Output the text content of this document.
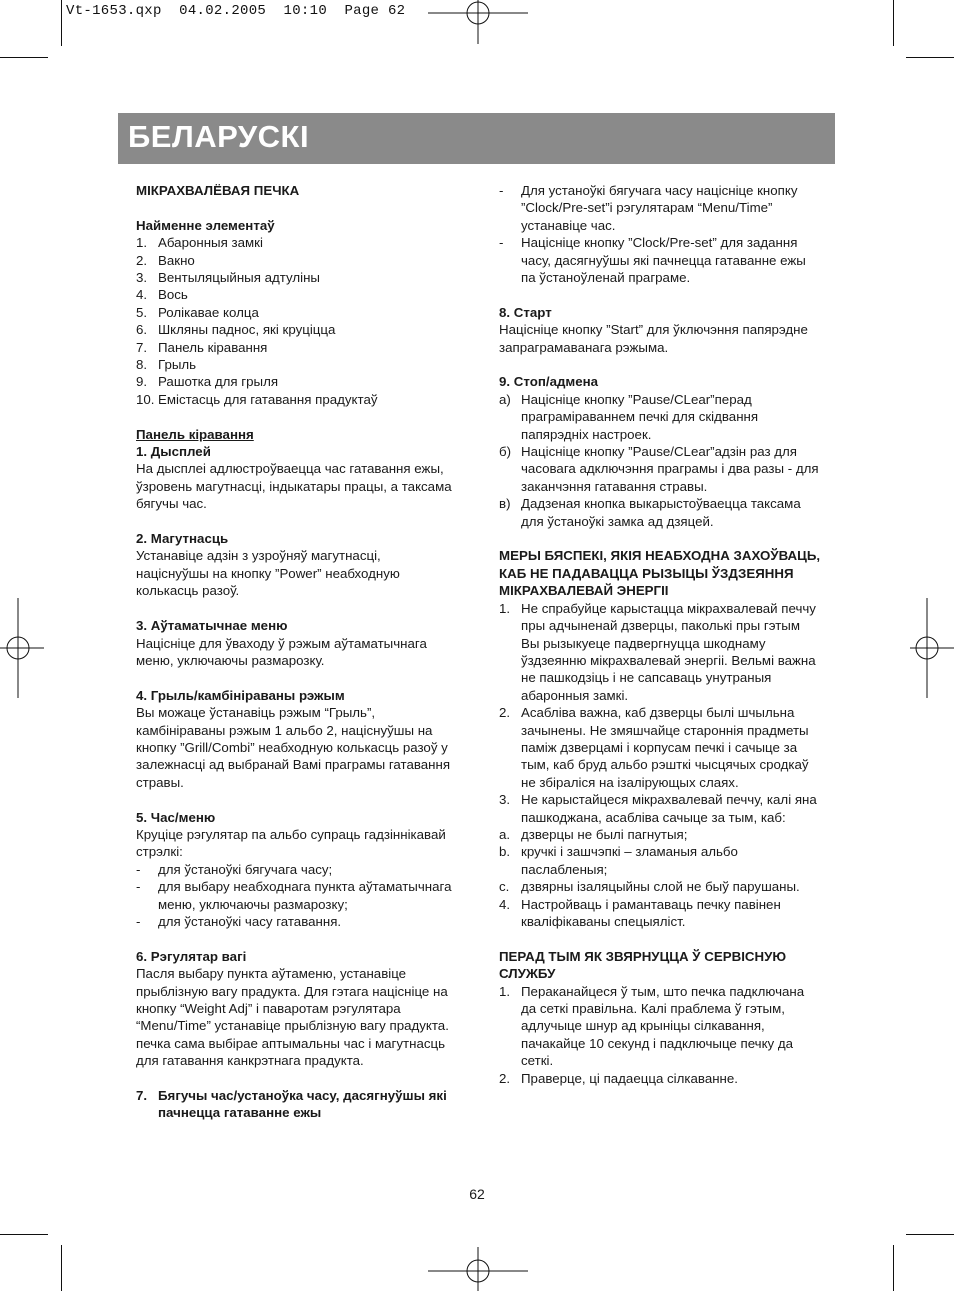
Vt-1653.qxp  04.02.2005  10:10  Page 62
БЕЛАРУСКІ
МІКРАХВАЛЁВАЯ ПЕЧКА
Найменне элементаў
1. Абаронныя замкі
2. Вакно
3. Вентыляцыйныя адтуліны
4. Вось
5. Ролікавае колца
6. Шкляны паднос, які круціцца
7. Панель кіравання
8. Грыль
9. Рашотка для грыля
10. Емістасць для гатавання прадуктаў
Панель кіравання
1. Дысплей
На дысплеі адлюстроўваецца час гатавання ежы, ўзровень магутнасці, індыкатары працы, а таксама бягучы час.
2. Магутнасць
Устанавіце адзін з узроўняў магутнасці, націснуўшы на кнопку ”Power” неабходную колькасць разоў.
3. Аўтаматычнае меню
Націсніце для ўваходу ў рэжым аўтаматычнага меню, уключаючы размарозку.
4. Грыль/камбінiраваны рэжым
Вы можаце ўстанавіць рэжым “Грыль”, камбінiраваны рэжым 1 альбо 2, націснуўшы на кнопку ”Grill/Combi” неабходную колькасць разоў у залежнасці ад выбранай Вамі праграмы гатавання стравы.
5. Час/меню
Круціце рэгулятар па альбо супраць гадзіннікавай стрэлкі:
-	для ўстаноўкі бягучага часу;
-	для выбару неабходнага пункта аўтаматычнага меню, уключаючы размарозку;
-	для ўстаноўкі часу гатавання.
6. Рэгулятар вагі
Пасля выбару пункта аўтаменю, устанавіце прыблізную вагу прадукта. Для гэтага націсніце на кнопку “Weight Adj” і паваротам рэгулятара “Menu/Time” устанавіце прыблізную вагу прадукта. печка сама выбірае аптымальны час і магутнасць для гатавання канкрэтнага прадукта.
7. Бягучы час/устаноўка часу, дасягнуўшы які пачнецца гатаванне ежы
-	Для устаноўкі бягучага часу націсніце кнопку ”Clock/Pre-set”і рэгулятарам “Menu/Time” устанавіце час.
-	Націсніце кнопку ”Clock/Pre-set” для задання часу, дасягнуўшы які пачнецца гатаванне ежы па ўстаноўленай праграме.
8. Старт
Націсніце кнопку ”Start” для ўключэння папярэдне запраграмаванага рэжыма.
9. Стоп/адмена
а) Націсніце кнопку ”Pause/CLear”перад праграміраваннем печкі для скідвання папярэдніх настроек.
б) Націсніце кнопку ”Pause/CLear”адзін раз для часовага адключэння праграмы і два разы - для заканчэння гатавання стравы.
в) Дадзеная кнопка выкарыстоўваецца таксама для ўстаноўкі замка ад дзяцей.
МЕРЫ БЯСПЕКІ, ЯКІЯ НЕАБХОДНА ЗАХОЎВАЦЬ, КАБ НЕ ПАДАВАЦЦА РЫЗЫЦЫ ЎЗДЗЕЯННЯ МІКРАХВАЛЕВАЙ ЭНЕРГІІ
1. Не спрабуйце карыстацца мікрахвалевай печчу пры адчыненай дзверцы, паколькі пры гэтым Вы рызыкуеце падвергнуцца шкоднаму ўздзеянню мікрахвалевай энергіі. Вельмі важна не пашкодзіць і не сапсаваць унутраныя абаронныя замкі.
2. Асабліва важна, каб дзверцы былі шчыльна зачынены. Не змяшчайце староннія прадметы паміж дзверцамі і корпусам печкі і сачыце за тым, каб бруд альбо рэшткі чысцячых сродкаў не збіраліся на ізалірующых слаях.
3. Не карыстайцеся мікрахвалевай печчу, калі яна пашкоджана, асабліва сачыце за тым, каб:
a. дзверцы не былі пагнутыя;
b. кручкі і зашчэпкі – зламаныя альбо паслабленыя;
c. дзвярны ізаляцыйны слой не быў парушаны.
4. Настройваць і рамантаваць печку павінен кваліфікаваны спецыяліст.
ПЕРАД ТЫМ ЯК ЗВЯРНУЦЦА Ў СЕРВІСНУЮ СЛУЖБУ
1. Пераканайцеся ў тым, што печка падключана да сеткі правільна. Калі праблема ў гэтым, адлучыце шнур ад крыніцы сілкавання, пачакайце 10 секунд і падключыце печку да сеткі.
2. Праверце, ці падаецца сілкаванне.
62
